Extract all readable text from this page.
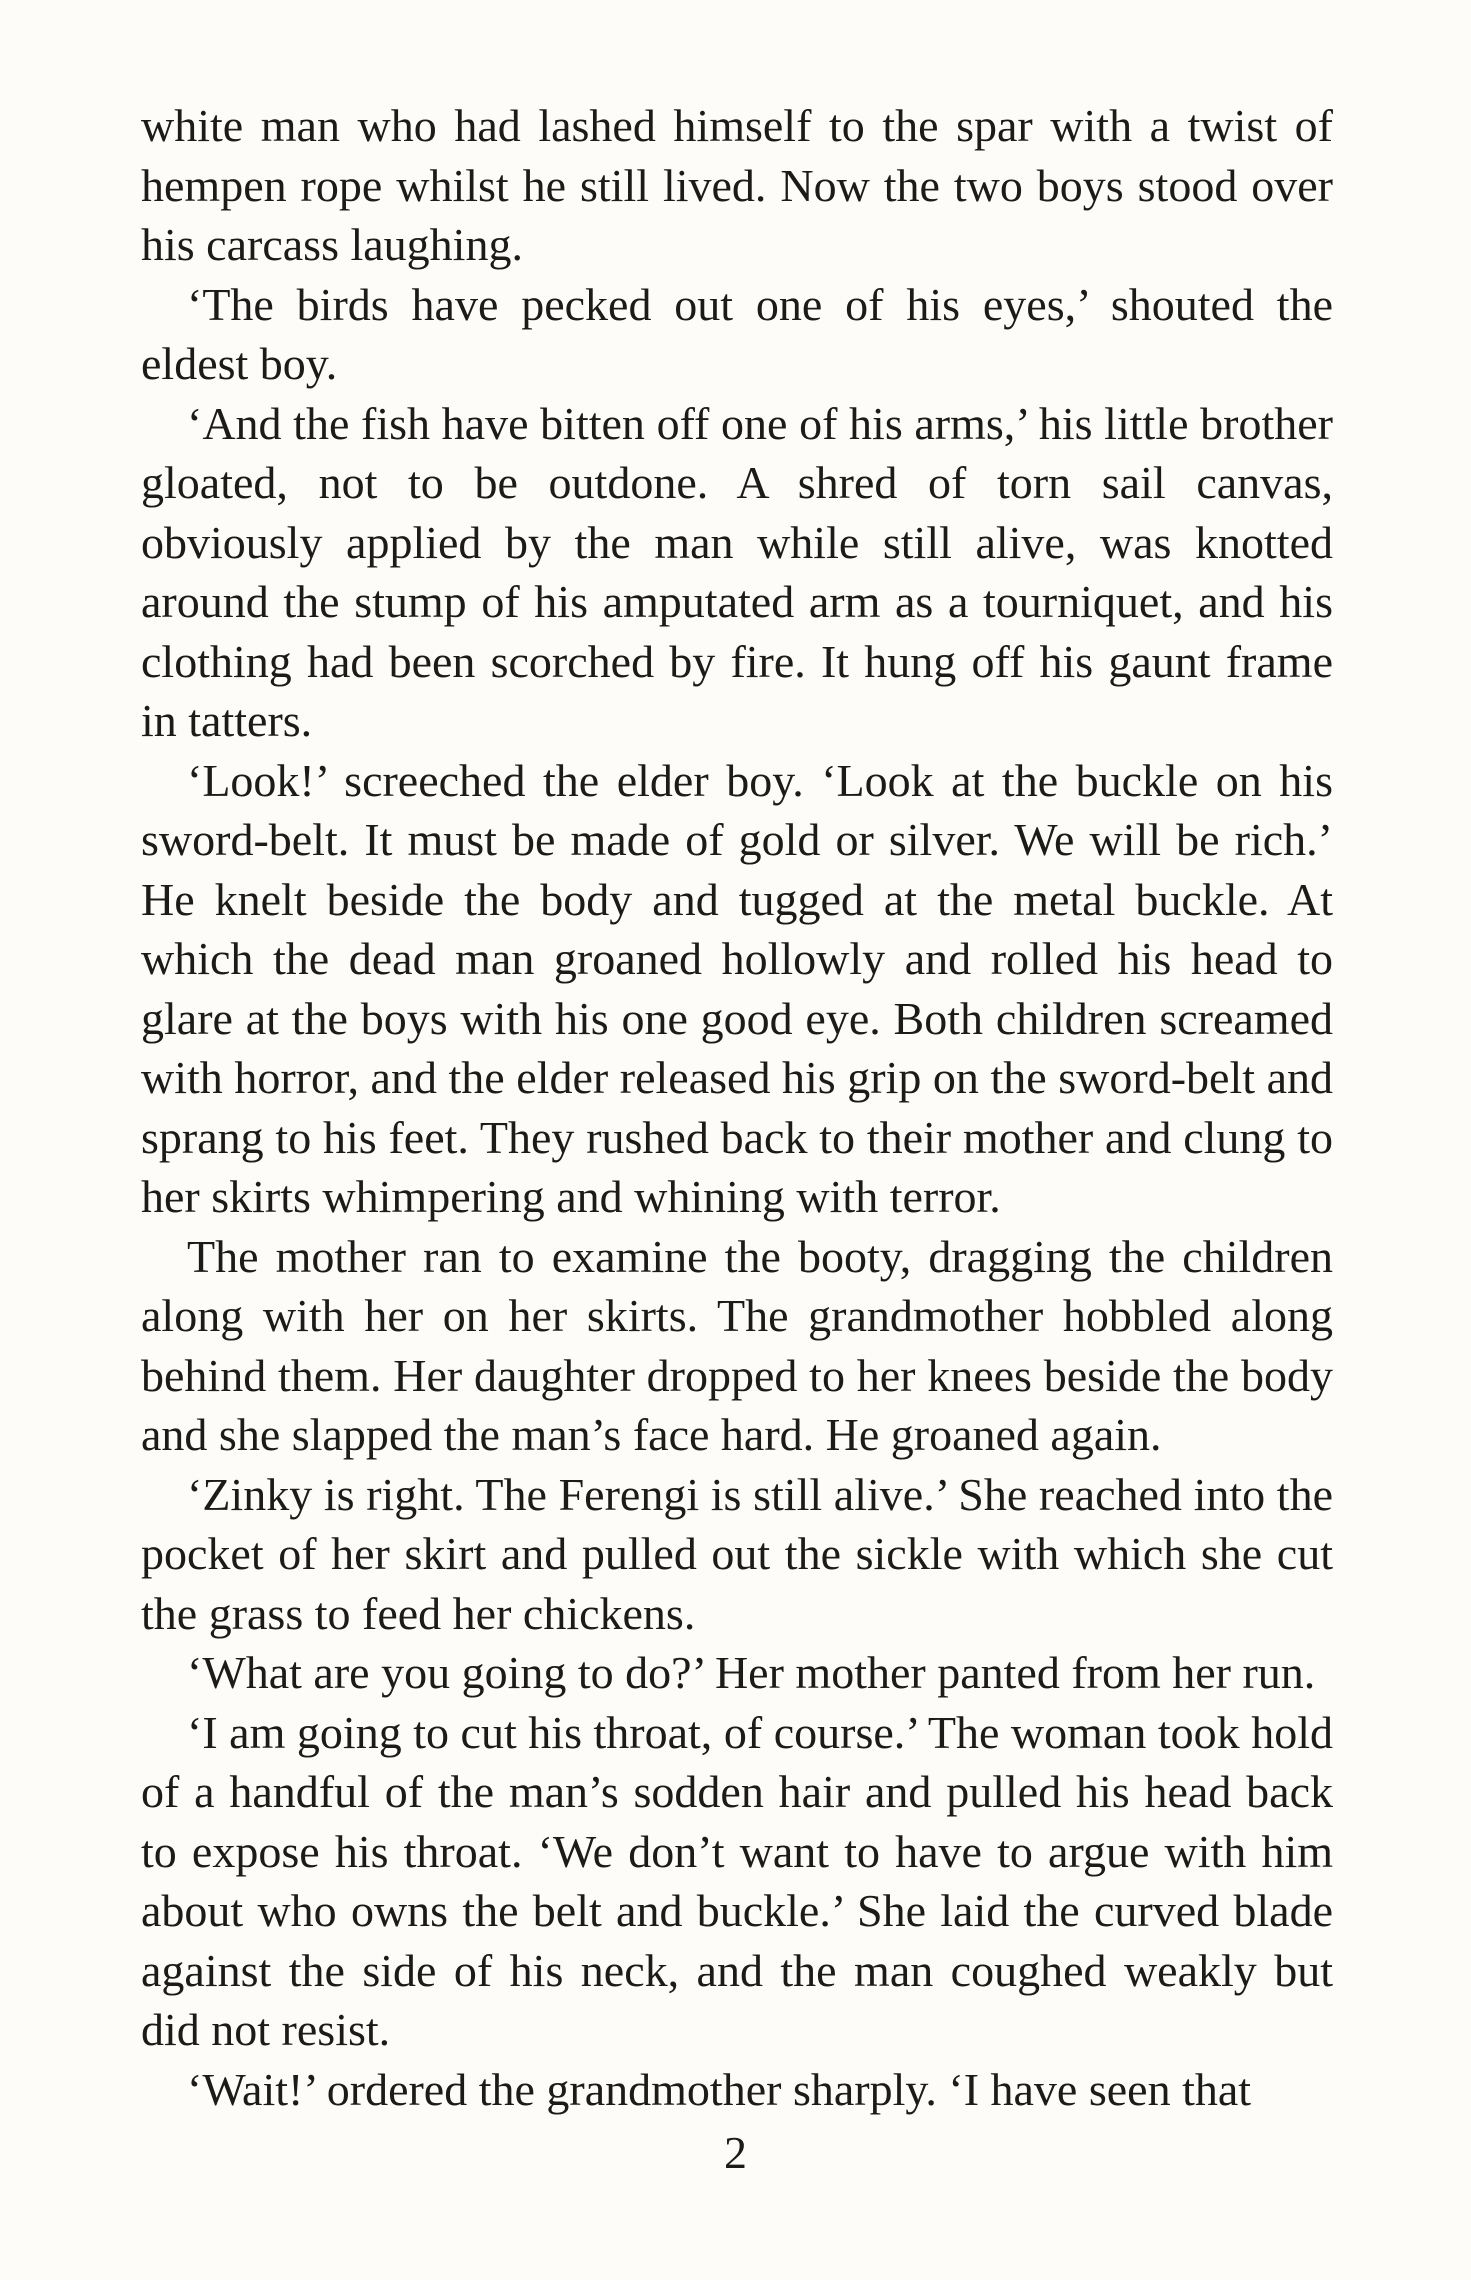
white man who had lashed himself to the spar with a twist of hempen rope whilst he still lived. Now the two boys stood over his carcass laughing.

‘The birds have pecked out one of his eyes,’ shouted the eldest boy.

‘And the fish have bitten off one of his arms,’ his little brother gloated, not to be outdone. A shred of torn sail canvas, obviously applied by the man while still alive, was knotted around the stump of his amputated arm as a tourniquet, and his clothing had been scorched by fire. It hung off his gaunt frame in tatters.

‘Look!’ screeched the elder boy. ‘Look at the buckle on his sword-belt. It must be made of gold or silver. We will be rich.’ He knelt beside the body and tugged at the metal buckle. At which the dead man groaned hollowly and rolled his head to glare at the boys with his one good eye. Both children screamed with horror, and the elder released his grip on the sword-belt and sprang to his feet. They rushed back to their mother and clung to her skirts whimpering and whining with terror.

The mother ran to examine the booty, dragging the children along with her on her skirts. The grandmother hobbled along behind them. Her daughter dropped to her knees beside the body and she slapped the man’s face hard. He groaned again.

‘Zinky is right. The Ferengi is still alive.’ She reached into the pocket of her skirt and pulled out the sickle with which she cut the grass to feed her chickens.

‘What are you going to do?’ Her mother panted from her run.

‘I am going to cut his throat, of course.’ The woman took hold of a handful of the man’s sodden hair and pulled his head back to expose his throat. ‘We don’t want to have to argue with him about who owns the belt and buckle.’ She laid the curved blade against the side of his neck, and the man coughed weakly but did not resist.

‘Wait!’ ordered the grandmother sharply. ‘I have seen that

2
